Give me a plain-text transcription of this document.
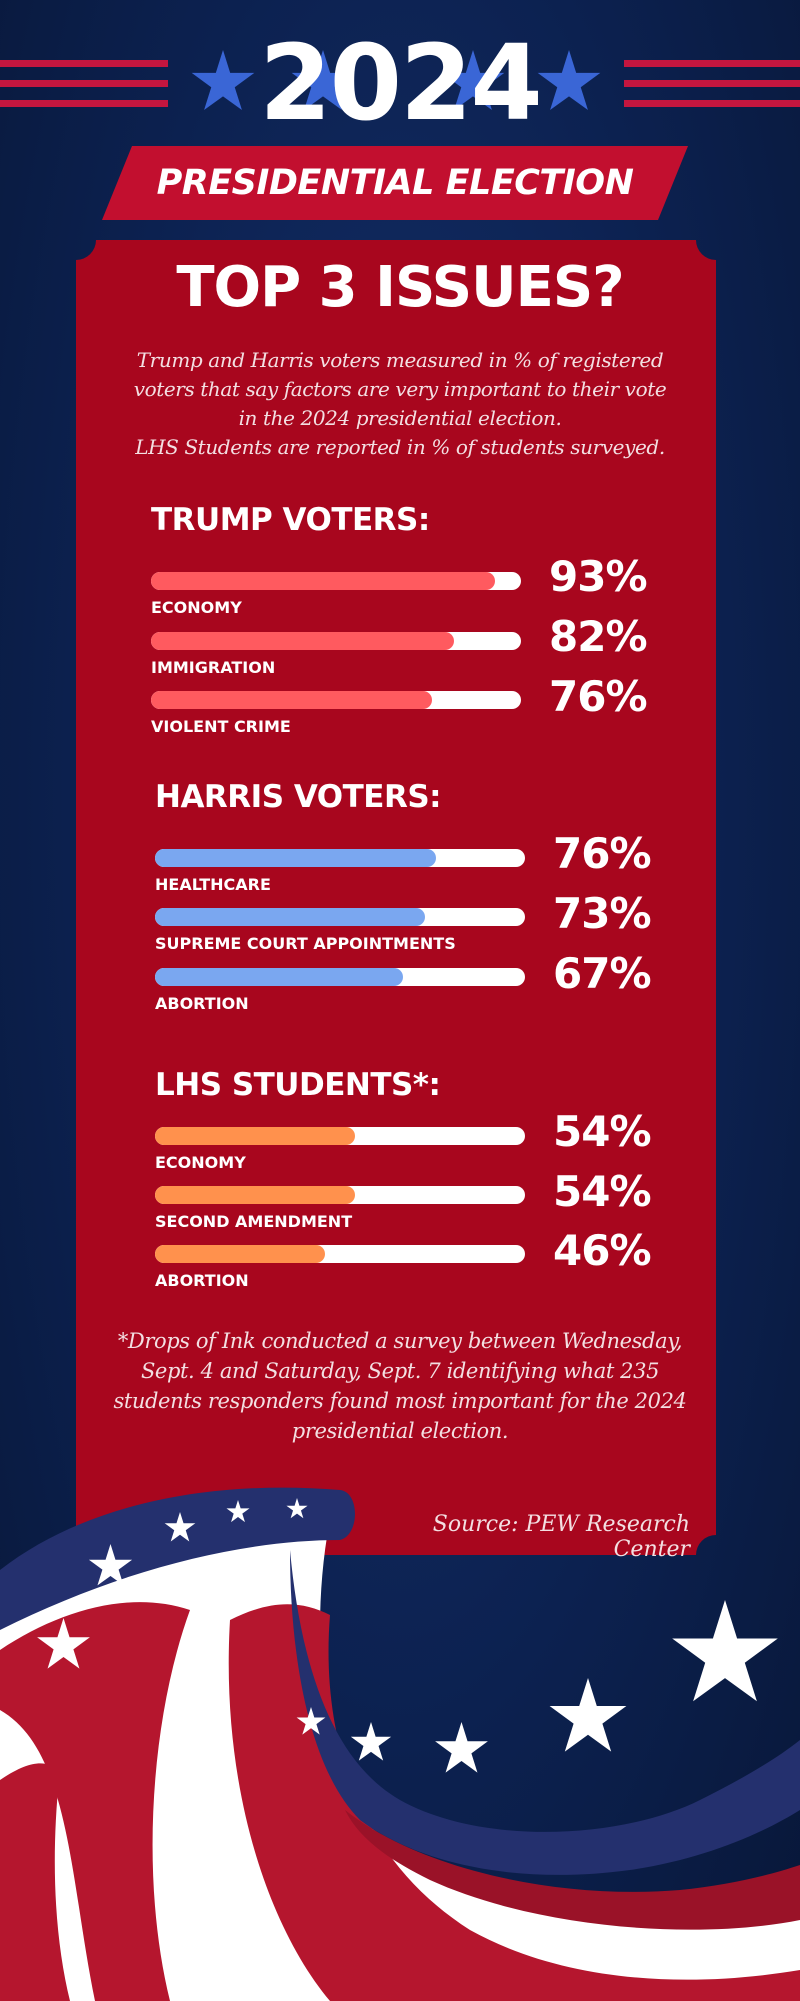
2024
PRESIDENTIAL ELECTION
TOP 3 ISSUES?

Trump and Harris voters measured in % of registered voters that say factors are very important to their vote in the 2024 presidential election.

LHS Students are reported in % of students surveyed.

TRUMP VOTERS:
ECONOMY
93%
IMMIGRATION
82%
VIOLENT CRIME
76%
HARRIS VOTERS:
HEALTHCARE
76%
SUPREME COURT APPOINTMENTS
73%
ABORTION
67%
LHS STUDENTS*:
ECONOMY
54%
SECOND AMENDMENT
54%
ABORTION
46%
*Drops of Ink conducted a survey between Wednesday, Sept. 4 and Saturday, Sept. 7 identifying what 235 students responders found most important for the 2024 presidential election.
Source: PEW Research Center
